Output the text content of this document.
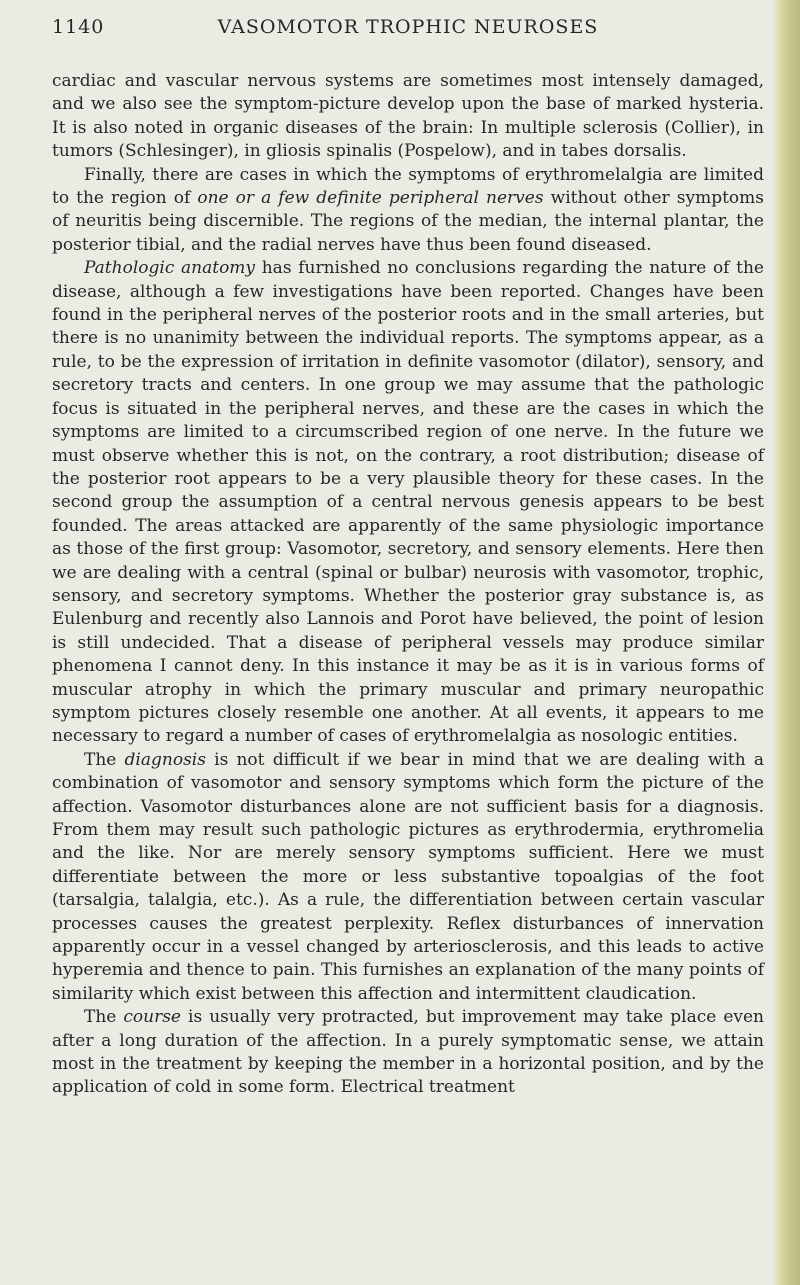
1140	VASOMOTOR TROPHIC NEUROSES

cardiac and vascular nervous systems are sometimes most intensely damaged, and we also see the symptom-picture develop upon the base of marked hysteria. It is also noted in organic diseases of the brain: In multiple sclerosis (Collier), in tumors (Schlesinger), in gliosis spinalis (Pospelow), and in tabes dorsalis.

Finally, there are cases in which the symptoms of erythromelalgia are limited to the region of one or a few definite peripheral nerves without other symptoms of neuritis being discernible. The regions of the median, the internal plantar, the posterior tibial, and the radial nerves have thus been found diseased.

Pathologic anatomy has furnished no conclusions regarding the nature of the disease, although a few investigations have been reported. Changes have been found in the peripheral nerves of the posterior roots and in the small arteries, but there is no unanimity between the individual reports. The symptoms appear, as a rule, to be the expression of irritation in definite vasomotor (dilator), sensory, and secretory tracts and centers. In one group we may assume that the pathologic focus is situated in the peripheral nerves, and these are the cases in which the symptoms are limited to a circumscribed region of one nerve. In the future we must observe whether this is not, on the contrary, a root distribution; disease of the posterior root appears to be a very plausible theory for these cases. In the second group the assumption of a central nervous genesis appears to be best founded. The areas attacked are apparently of the same physiologic importance as those of the first group: Vasomotor, secretory, and sensory elements. Here then we are dealing with a central (spinal or bulbar) neurosis with vasomotor, trophic, sensory, and secretory symptoms. Whether the posterior gray substance is, as Eulenburg and recently also Lannois and Porot have believed, the point of lesion is still undecided. That a disease of peripheral vessels may produce similar phenomena I cannot deny. In this instance it may be as it is in various forms of muscular atrophy in which the primary muscular and primary neuropathic symptom pictures closely resemble one another. At all events, it appears to me necessary to regard a number of cases of erythromelalgia as nosologic entities.

The diagnosis is not difficult if we bear in mind that we are dealing with a combination of vasomotor and sensory symptoms which form the picture of the affection. Vasomotor disturbances alone are not sufficient basis for a diagnosis. From them may result such pathologic pictures as erythrodermia, erythromelia and the like. Nor are merely sensory symptoms sufficient. Here we must differentiate between the more or less substantive topoalgias of the foot (tarsalgia, talalgia, etc.). As a rule, the differentiation between certain vascular processes causes the greatest perplexity. Reflex disturbances of innervation apparently occur in a vessel changed by arteriosclerosis, and this leads to active hyperemia and thence to pain. This furnishes an explanation of the many points of similarity which exist between this affection and intermittent claudication.

The course is usually very protracted, but improvement may take place even after a long duration of the affection. In a purely symptomatic sense, we attain most in the treatment by keeping the member in a horizontal position, and by the application of cold in some form. Electrical treatment
